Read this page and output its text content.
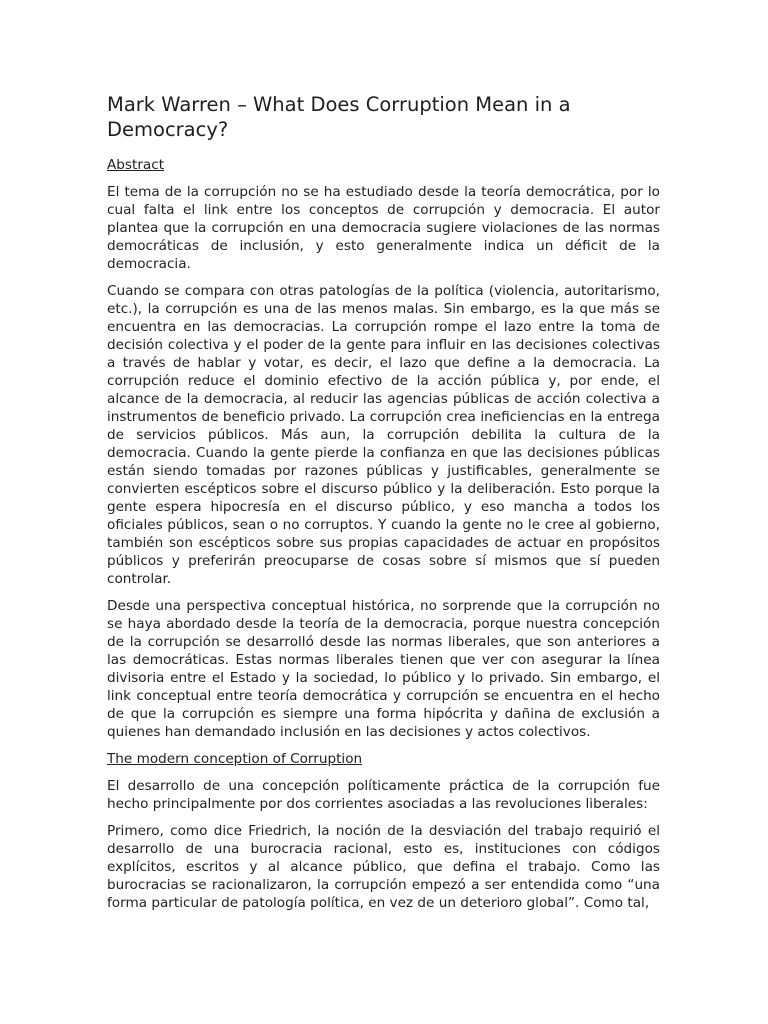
Mark Warren – What Does Corruption Mean in a Democracy?
Abstract

El tema de la corrupción no se ha estudiado desde la teoría democrática, por lo cual falta el link entre los conceptos de corrupción y democracia. El autor plantea que la corrupción en una democracia sugiere violaciones de las normas democráticas de inclusión, y esto generalmente indica un déficit de la democracia.

Cuando se compara con otras patologías de la política (violencia, autoritarismo, etc.), la corrupción es una de las menos malas. Sin embargo, es la que más se encuentra en las democracias. La corrupción rompe el lazo entre la toma de decisión colectiva y el poder de la gente para influir en las decisiones colectivas a través de hablar y votar, es decir, el lazo que define a la democracia. La corrupción reduce el dominio efectivo de la acción pública y, por ende, el alcance de la democracia, al reducir las agencias públicas de acción colectiva a instrumentos de beneficio privado. La corrupción crea ineficiencias en la entrega de servicios públicos. Más aun, la corrupción debilita la cultura de la democracia. Cuando la gente pierde la confianza en que las decisiones públicas están siendo tomadas por razones públicas y justificables, generalmente se convierten escépticos sobre el discurso público y la deliberación. Esto porque la gente espera hipocresía en el discurso público, y eso mancha a todos los oficiales públicos, sean o no corruptos. Y cuando la gente no le cree al gobierno, también son escépticos sobre sus propias capacidades de actuar en propósitos públicos y preferirán preocuparse de cosas sobre sí mismos que sí pueden controlar.

Desde una perspectiva conceptual histórica, no sorprende que la corrupción no se haya abordado desde la teoría de la democracia, porque nuestra concepción de la corrupción se desarrolló desde las normas liberales, que son anteriores a las democráticas. Estas normas liberales tienen que ver con asegurar la línea divisoria entre el Estado y la sociedad, lo público y lo privado. Sin embargo, el link conceptual entre teoría democrática y corrupción se encuentra en el hecho de que la corrupción es siempre una forma hipócrita y dañina de exclusión a quienes han demandado inclusión en las decisiones y actos colectivos.

The modern conception of Corruption

El desarrollo de una concepción políticamente práctica de la corrupción fue hecho principalmente por dos corrientes asociadas a las revoluciones liberales:

Primero, como dice Friedrich, la noción de la desviación del trabajo requirió el desarrollo de una burocracia racional, esto es, instituciones con códigos explícitos, escritos y al alcance público, que defina el trabajo. Como las burocracias se racionalizaron, la corrupción empezó a ser entendida como “una forma particular de patología política, en vez de un deterioro global”. Como tal,
